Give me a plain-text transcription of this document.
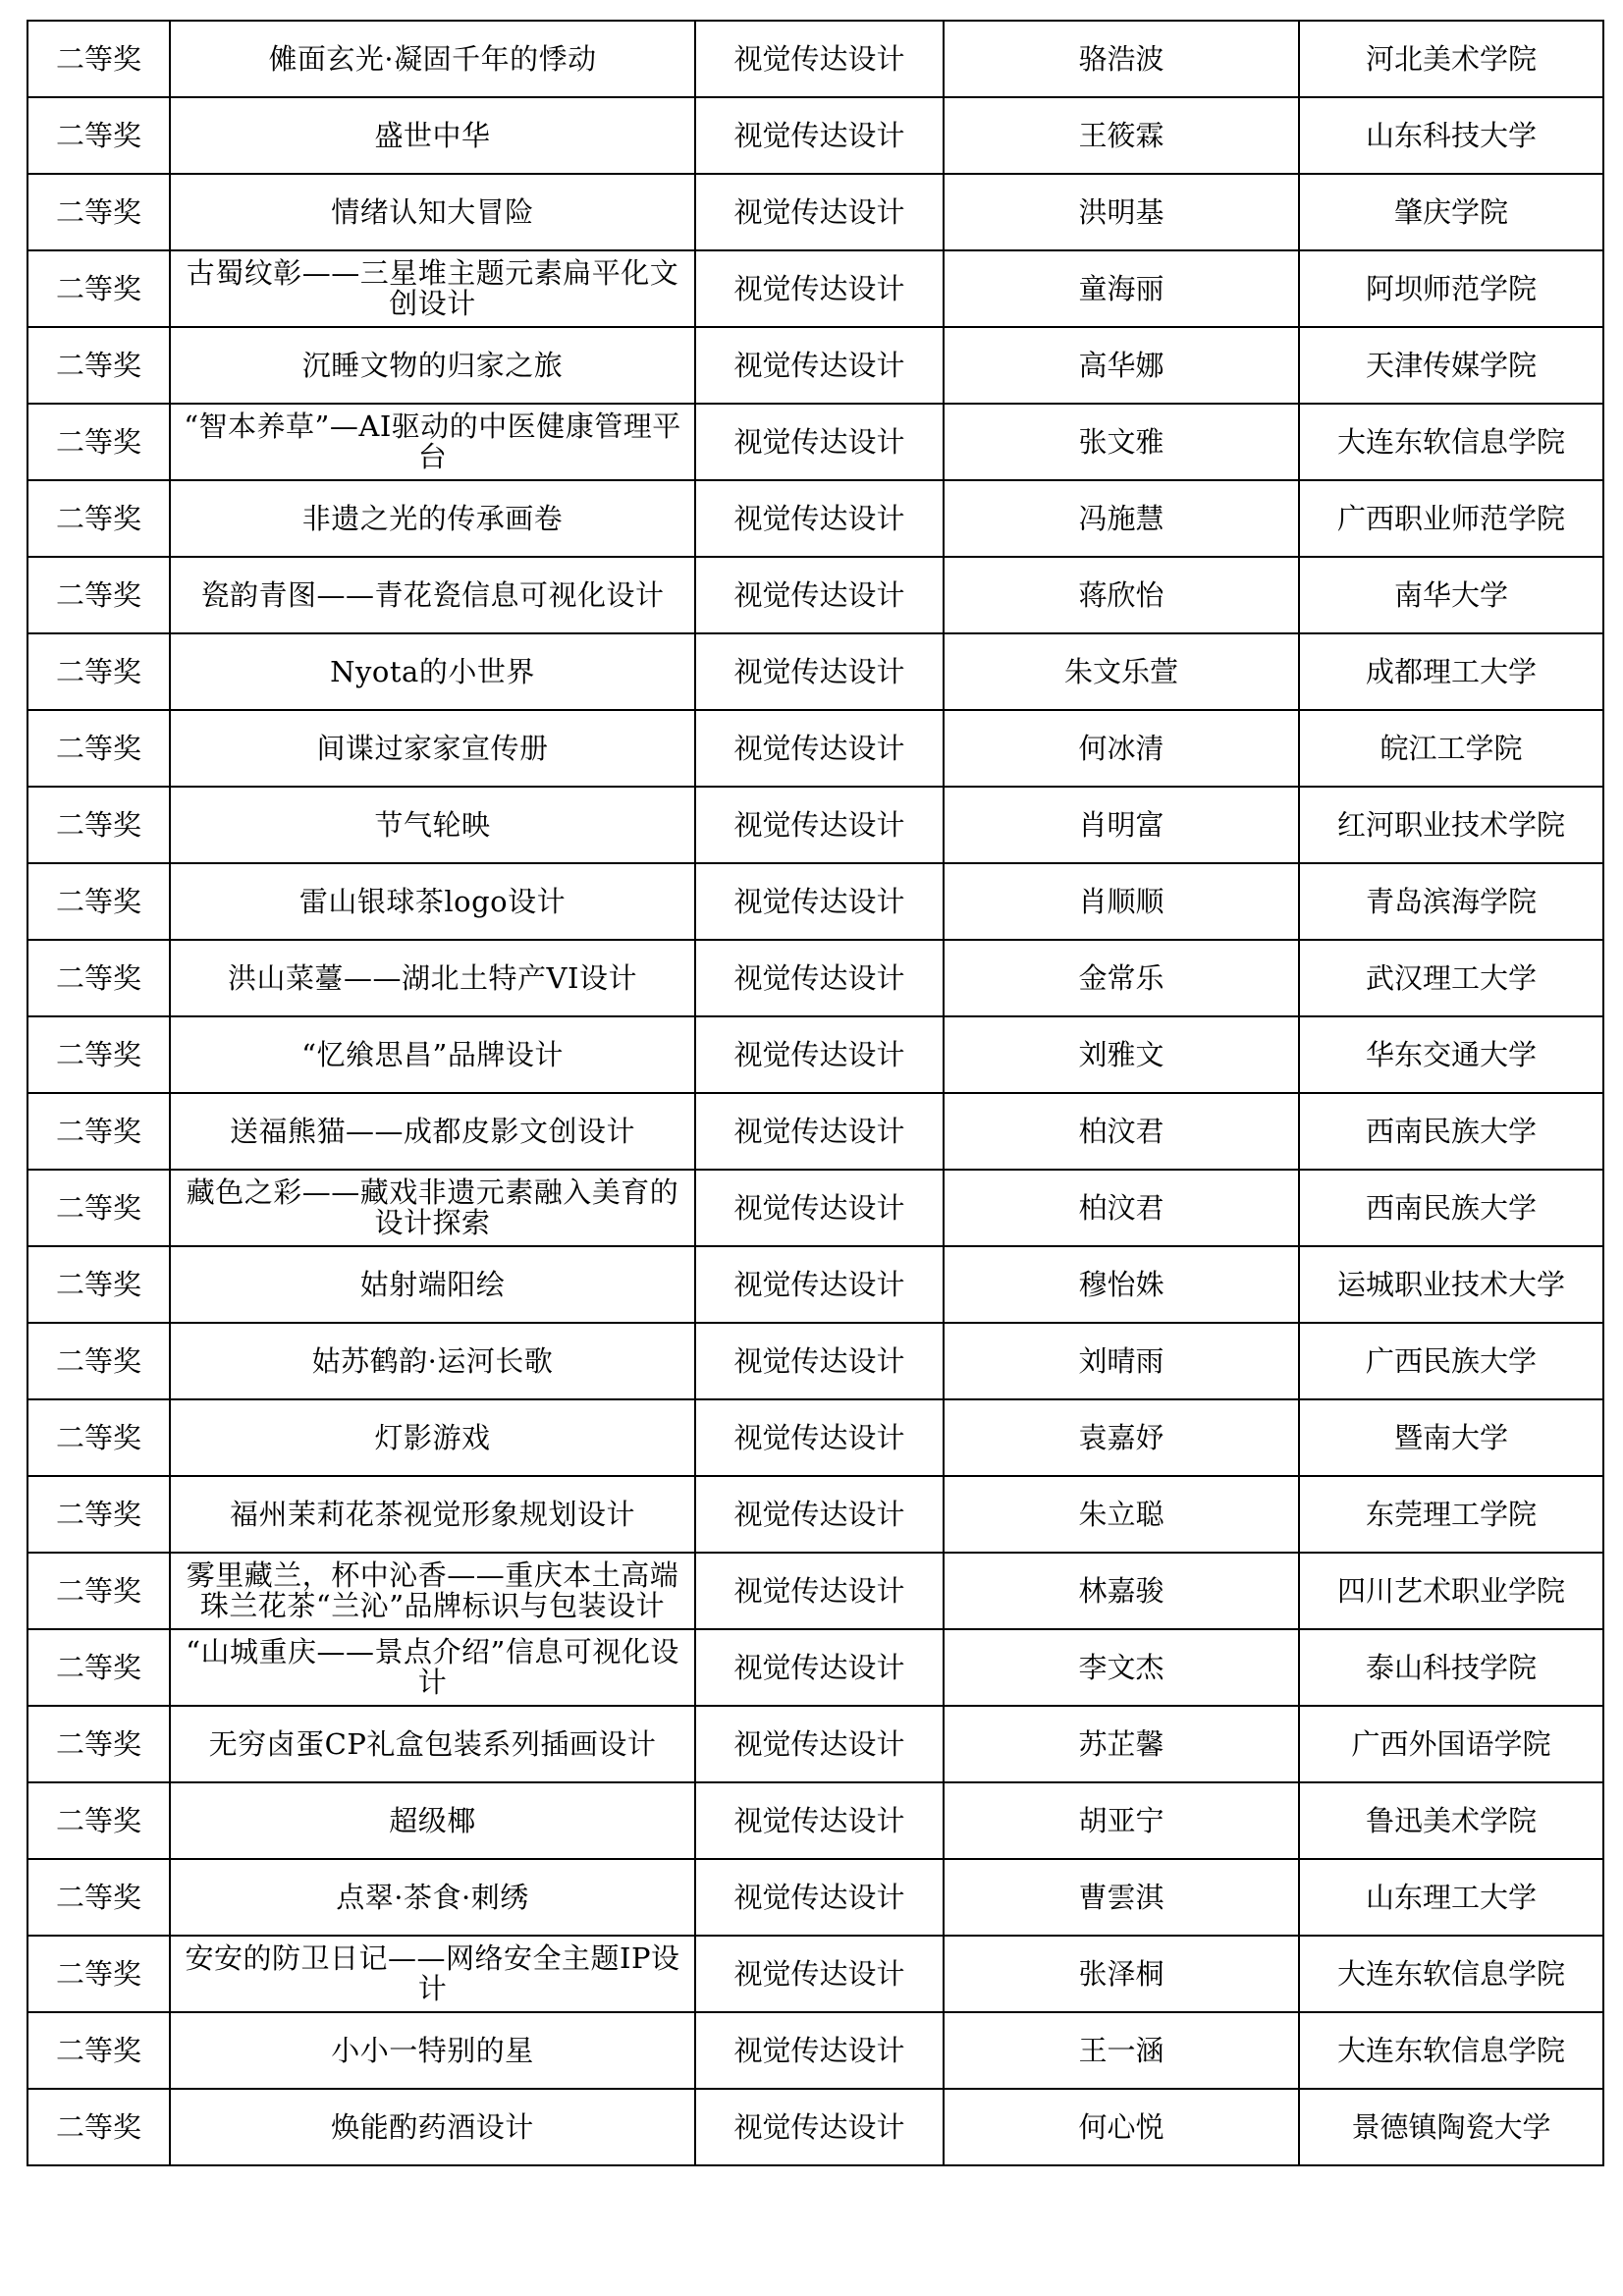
二等奖	傩面玄光·凝固千年的悸动	视觉传达设计	骆浩波	河北美术学院
二等奖	盛世中华	视觉传达设计	王筱霖	山东科技大学
二等奖	情绪认知大冒险	视觉传达设计	洪明基	肇庆学院
二等奖	古蜀纹彰——三星堆主题元素扁平化文创设计	视觉传达设计	童海丽	阿坝师范学院
二等奖	沉睡文物的归家之旅	视觉传达设计	高华娜	天津传媒学院
二等奖	“智本养草”—AI驱动的中医健康管理平台	视觉传达设计	张文雅	大连东软信息学院
二等奖	非遗之光的传承画卷	视觉传达设计	冯施慧	广西职业师范学院
二等奖	瓷韵青图——青花瓷信息可视化设计	视觉传达设计	蒋欣怡	南华大学
二等奖	Nyota的小世界	视觉传达设计	朱文乐萱	成都理工大学
二等奖	间谍过家家宣传册	视觉传达设计	何冰清	皖江工学院
二等奖	节气轮映	视觉传达设计	肖明富	红河职业技术学院
二等奖	雷山银球茶logo设计	视觉传达设计	肖顺顺	青岛滨海学院
二等奖	洪山菜薹——湖北土特产VI设计	视觉传达设计	金常乐	武汉理工大学
二等奖	“忆飨思昌”品牌设计	视觉传达设计	刘雅文	华东交通大学
二等奖	送福熊猫——成都皮影文创设计	视觉传达设计	柏汶君	西南民族大学
二等奖	藏色之彩——藏戏非遗元素融入美育的设计探索	视觉传达设计	柏汶君	西南民族大学
二等奖	姑射端阳绘	视觉传达设计	穆怡姝	运城职业技术大学
二等奖	姑苏鹤韵·运河长歌	视觉传达设计	刘晴雨	广西民族大学
二等奖	灯影游戏	视觉传达设计	袁嘉妤	暨南大学
二等奖	福州茉莉花茶视觉形象规划设计	视觉传达设计	朱立聪	东莞理工学院
二等奖	雾里藏兰，杯中沁香——重庆本土高端珠兰花茶“兰沁”品牌标识与包装设计	视觉传达设计	林嘉骏	四川艺术职业学院
二等奖	“山城重庆——景点介绍”信息可视化设计	视觉传达设计	李文杰	泰山科技学院
二等奖	无穷卤蛋CP礼盒包装系列插画设计	视觉传达设计	苏芷馨	广西外国语学院
二等奖	超级椰	视觉传达设计	胡亚宁	鲁迅美术学院
二等奖	点翠·茶食·刺绣	视觉传达设计	曹雲淇	山东理工大学
二等奖	安安的防卫日记——网络安全主题IP设计	视觉传达设计	张泽桐	大连东软信息学院
二等奖	小小一特别的星	视觉传达设计	王一涵	大连东软信息学院
二等奖	焕能酌药酒设计	视觉传达设计	何心悦	景德镇陶瓷大学
